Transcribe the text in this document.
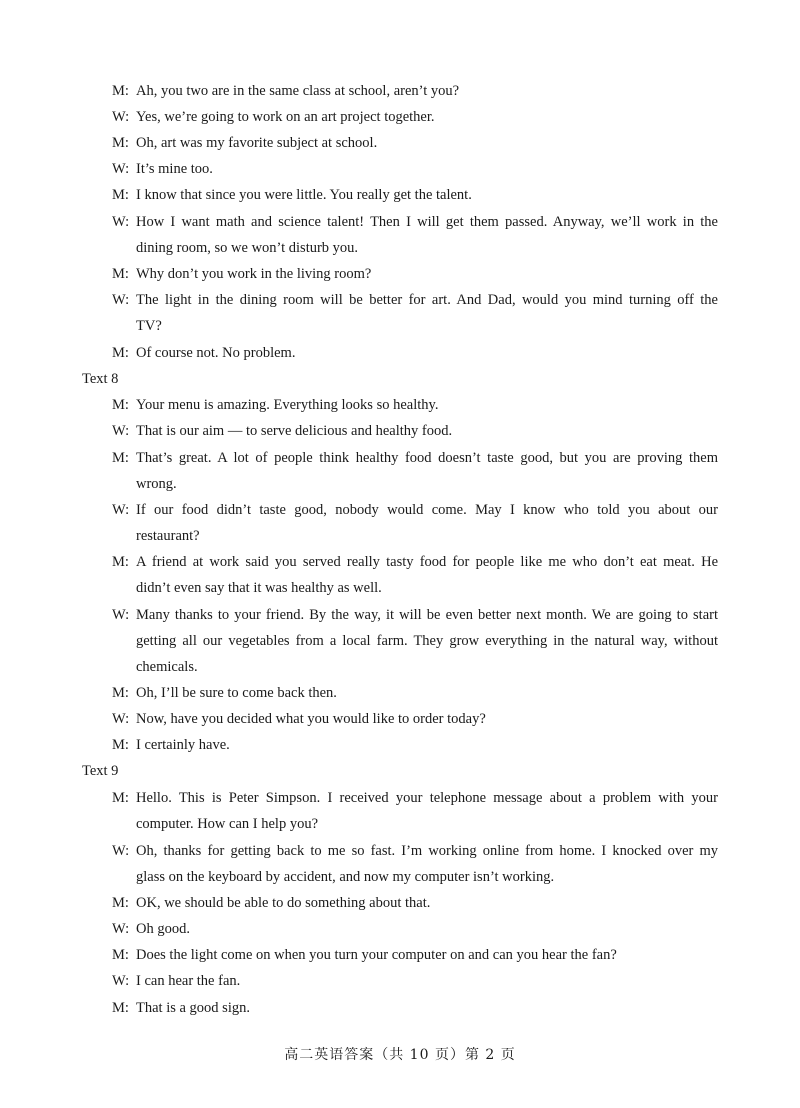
M: Ah, you two are in the same class at school, aren’t you?
W: Yes, we’re going to work on an art project together.
M: Oh, art was my favorite subject at school.
W: It’s mine too.
M: I know that since you were little. You really get the talent.
W: How I want math and science talent! Then I will get them passed. Anyway, we’ll work in the
dining room, so we won’t disturb you.
M: Why don’t you work in the living room?
W: The light in the dining room will be better for art. And Dad, would you mind turning off the
TV?
M: Of course not. No problem.
Text 8
M: Your menu is amazing. Everything looks so healthy.
W: That is our aim — to serve delicious and healthy food.
M: That’s great. A lot of people think healthy food doesn’t taste good, but you are proving them
wrong.
W: If our food didn’t taste good, nobody would come. May I know who told you about our
restaurant?
M: A friend at work said you served really tasty food for people like me who don’t eat meat. He
didn’t even say that it was healthy as well.
W: Many thanks to your friend. By the way, it will be even better next month. We are going to start
getting all our vegetables from a local farm. They grow everything in the natural way, without
chemicals.
M: Oh, I’ll be sure to come back then.
W: Now, have you decided what you would like to order today?
M: I certainly have.
Text 9
M: Hello. This is Peter Simpson. I received your telephone message about a problem with your
computer. How can I help you?
W: Oh, thanks for getting back to me so fast. I’m working online from home. I knocked over my
glass on the keyboard by accident, and now my computer isn’t working.
M: OK, we should be able to do something about that.
W: Oh good.
M: Does the light come on when you turn your computer on and can you hear the fan?
W: I can hear the fan.
M: That is a good sign.
高二英语答案（共 10 页）第 2 页
